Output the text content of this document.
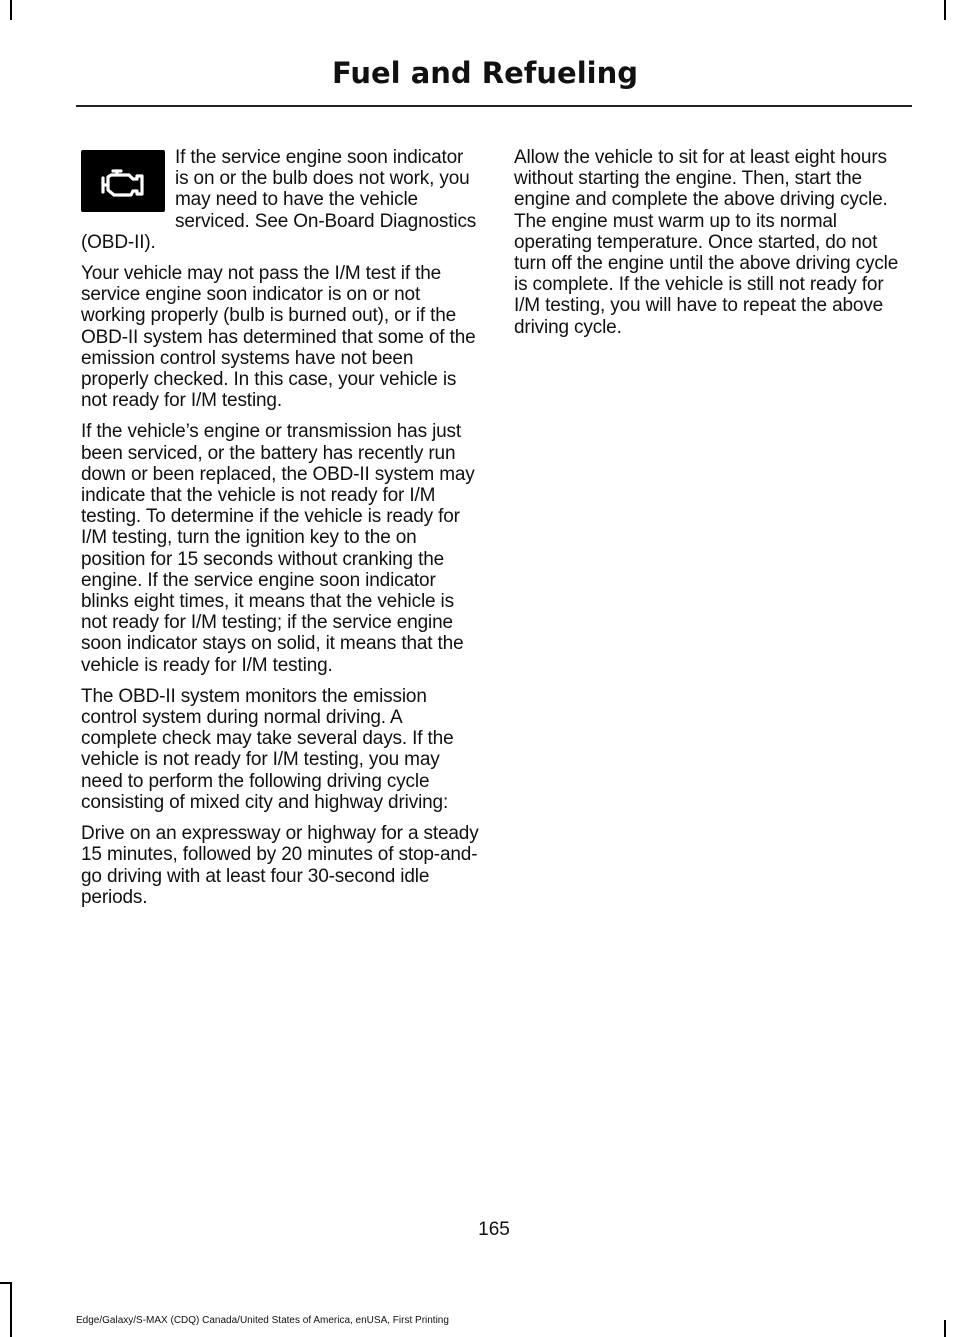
Fuel and Refueling

If the service engine soon indicator is on or the bulb does not work, you may need to have the vehicle serviced. See On-Board Diagnostics (OBD-II).

Your vehicle may not pass the I/M test if the service engine soon indicator is on or not working properly (bulb is burned out), or if the OBD-II system has determined that some of the emission control systems have not been properly checked. In this case, your vehicle is not ready for I/M testing.

If the vehicle’s engine or transmission has just been serviced, or the battery has recently run down or been replaced, the OBD-II system may indicate that the vehicle is not ready for I/M testing. To determine if the vehicle is ready for I/M testing, turn the ignition key to the on position for 15 seconds without cranking the engine. If the service engine soon indicator blinks eight times, it means that the vehicle is not ready for I/M testing; if the service engine soon indicator stays on solid, it means that the vehicle is ready for I/M testing.

The OBD-II system monitors the emission control system during normal driving. A complete check may take several days. If the vehicle is not ready for I/M testing, you may need to perform the following driving cycle consisting of mixed city and highway driving:

Drive on an expressway or highway for a steady 15 minutes, followed by 20 minutes of stop-and-go driving with at least four 30-second idle periods.

Allow the vehicle to sit for at least eight hours without starting the engine. Then, start the engine and complete the above driving cycle. The engine must warm up to its normal operating temperature. Once started, do not turn off the engine until the above driving cycle is complete. If the vehicle is still not ready for I/M testing, you will have to repeat the above driving cycle.

165
Edge/Galaxy/S-MAX (CDQ) Canada/United States of America, enUSA, First Printing
